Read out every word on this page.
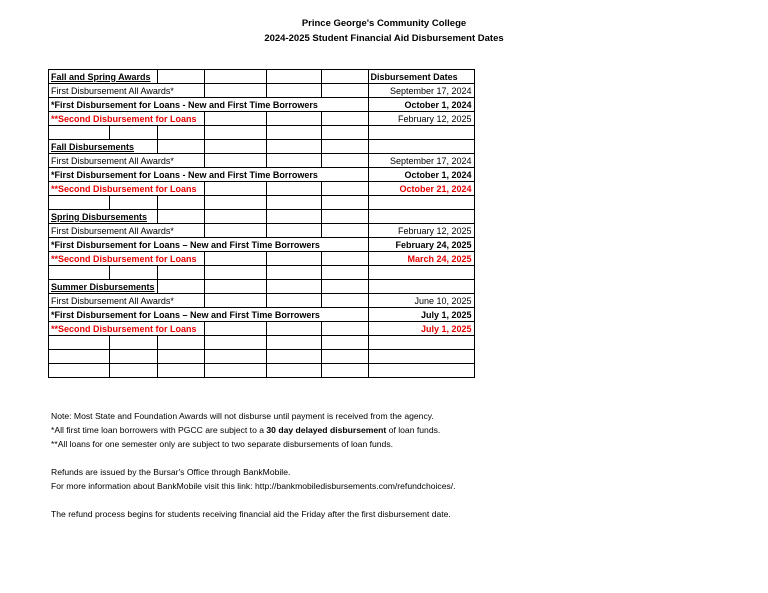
Prince George's Community College
2024-2025 Student Financial Aid Disbursement Dates
Fall and Spring Awards						Disbursement Dates
First Disbursement All Awards*						September 17, 2024
*First Disbursement for Loans - New and First Time Borrowers						October 1, 2024
**Second Disbursement for Loans						February 12, 2025

Fall Disbursements						
First Disbursement All Awards*						September 17, 2024
*First Disbursement for Loans - New and First Time Borrowers						October 1, 2024
**Second Disbursement for Loans						October 21, 2024

Spring Disbursements						
First Disbursement All Awards*						February 12, 2025
*First Disbursement for Loans – New and First Time Borrowers						February 24, 2025
**Second Disbursement for Loans						March 24, 2025

Summer Disbursements						
First Disbursement All Awards*						June 10, 2025
*First Disbursement for Loans – New and First Time Borrowers						July 1, 2025
**Second Disbursement for Loans						July 1, 2025

Note: Most State and Foundation Awards will not disburse until payment is received from the agency.
*All first time loan borrowers with PGCC are subject to a 30 day delayed disbursement of loan funds.
**All loans for one semester only are subject to two separate disbursements of loan funds.
Refunds are issued by the Bursar's Office through BankMobile.
For more information about BankMobile visit this link: http://bankmobiledisbursements.com/refundchoices/.
The refund process begins for students receiving financial aid the Friday after the first disbursement date.
